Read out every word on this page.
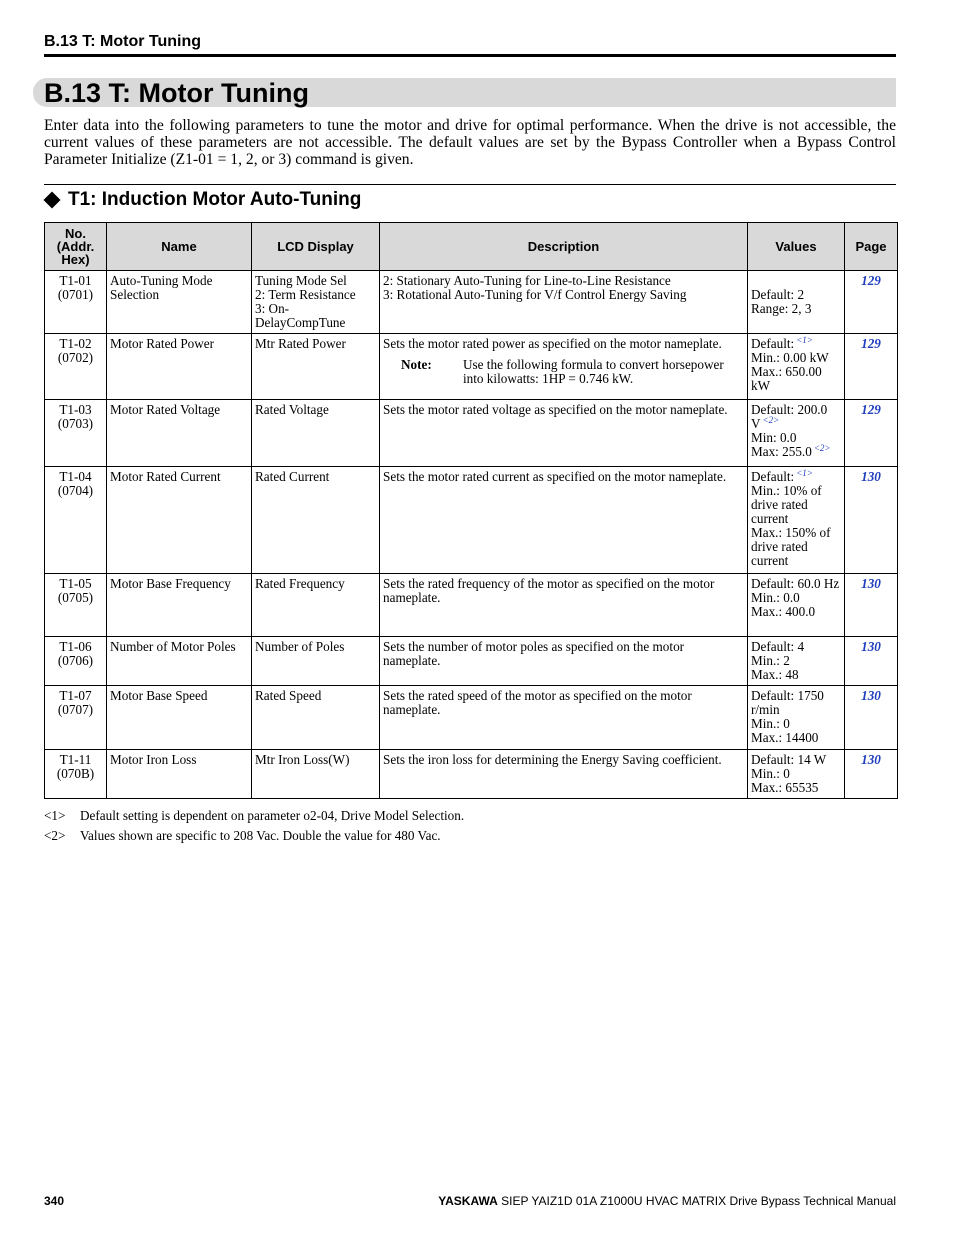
B.13 T: Motor Tuning
B.13 T: Motor Tuning

Enter data into the following parameters to tune the motor and drive for optimal performance. When the drive is not accessible, the current values of these parameters are not accessible. The default values are set by the Bypass Controller when a Bypass Control Parameter Initialize (Z1-01 = 1, 2, or 3) command is given.

T1: Induction Motor Auto-Tuning
No.
(Addr.
Hex)	Name	LCD Display	Description	Values	Page

T1-01
(0701)	Auto-Tuning Mode Selection	Tuning Mode Sel
2: Term Resistance
3: On-DelayCompTune	2: Stationary Auto-Tuning for Line-to-Line Resistance
3: Rotational Auto-Tuning for V/f Control Energy Saving	Default: 2
Range: 2, 3	129

T1-02
(0702)	Motor Rated Power	Mtr Rated Power	Sets the motor rated power as specified on the motor nameplate.
Note: Use the following formula to convert horsepower into kilowatts: 1HP = 0.746 kW.	Default: $^{<1>}$
Min.: 0.00 kW
Max.: 650.00 kW	129

T1-03
(0703)	Motor Rated Voltage	Rated Voltage	Sets the motor rated voltage as specified on the motor nameplate.	Default: 200.0 V $^{<2>}$
Min: 0.0
Max: 255.0 $^{<2>}$	129

T1-04
(0704)	Motor Rated Current	Rated Current	Sets the motor rated current as specified on the motor nameplate.	Default: $^{<1>}$
Min.: 10% of drive rated current
Max.: 150% of drive rated current	130

T1-05
(0705)	Motor Base Frequency	Rated Frequency	Sets the rated frequency of the motor as specified on the motor nameplate.	Default: 60.0 Hz
Min.: 0.0
Max.: 400.0	130

T1-06
(0706)	Number of Motor Poles	Number of Poles	Sets the number of motor poles as specified on the motor nameplate.	Default: 4
Min.: 2
Max.: 48	130

T1-07
(0707)	Motor Base Speed	Rated Speed	Sets the rated speed of the motor as specified on the motor nameplate.	Default: 1750 r/min
Min.: 0
Max.: 14400	130

T1-11
(070B)	Motor Iron Loss	Mtr Iron Loss(W)	Sets the iron loss for determining the Energy Saving coefficient.	Default: 14 W
Min.: 0
Max.: 65535	130
<1>	Default setting is dependent on parameter o2-04, Drive Model Selection.
<2>	Values shown are specific to 208 Vac. Double the value for 480 Vac.
340	YASKAWA SIEP YAIZ1D 01A Z1000U HVAC MATRIX Drive Bypass Technical Manual
